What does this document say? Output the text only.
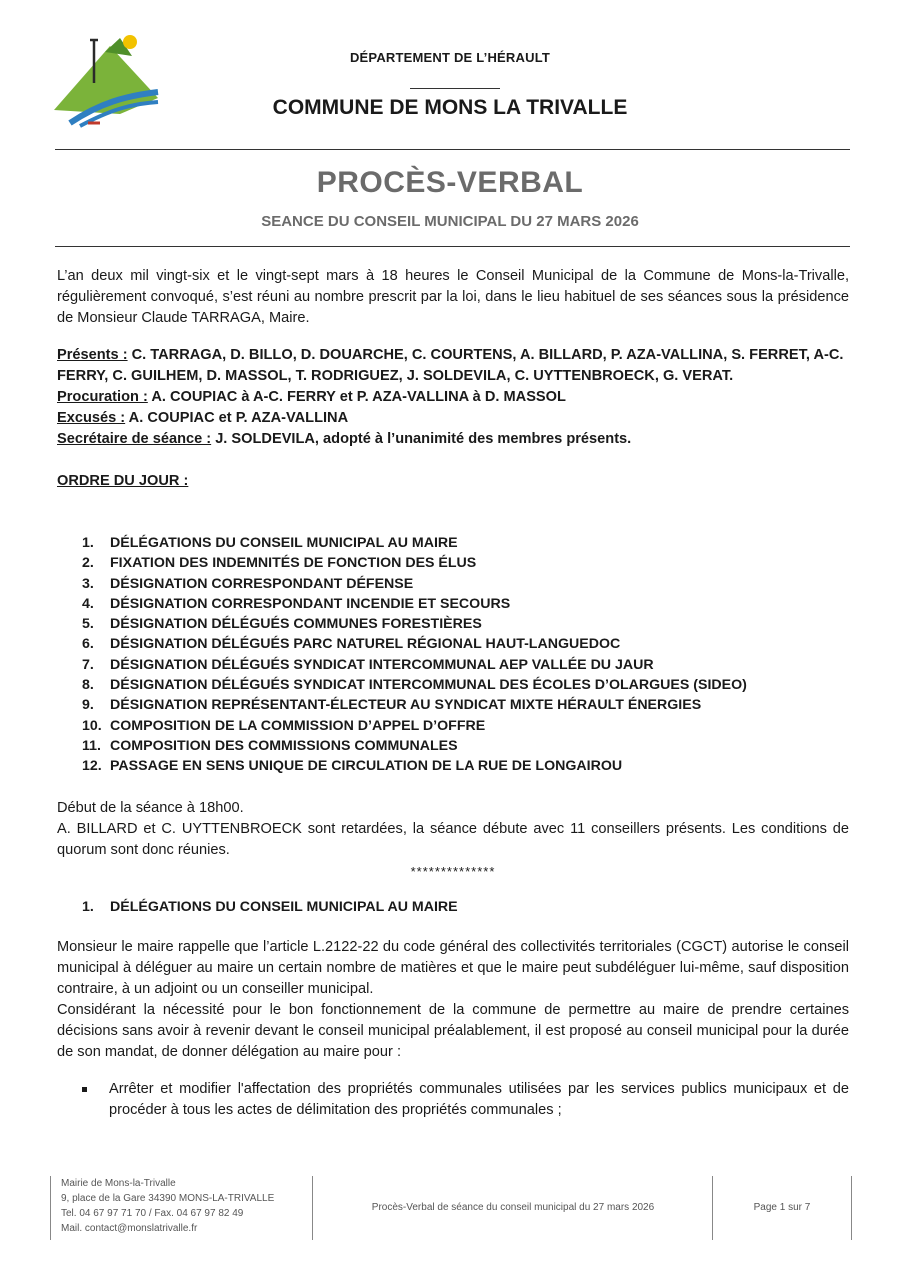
DÉPARTEMENT DE L’HÉRAULT
COMMUNE DE MONS LA TRIVALLE
PROCÈS-VERBAL
SEANCE DU CONSEIL MUNICIPAL DU 27 MARS 2026

L’an deux mil vingt-six et le vingt-sept mars à 18 heures le Conseil Municipal de la Commune de Mons-la-Trivalle, régulièrement convoqué, s’est réuni au nombre prescrit par la loi, dans le lieu habituel de ses séances sous la présidence de Monsieur Claude TARRAGA, Maire.

Présents : C. TARRAGA, D. BILLO, D. DOUARCHE, C. COURTENS, A. BILLARD, P. AZA-VALLINA, S. FERRET, A-C. FERRY, C. GUILHEM, D. MASSOL, T. RODRIGUEZ, J. SOLDEVILA, C. UYTTENBROECK, G. VERAT.

Procuration : A. COUPIAC à A-C. FERRY et P. AZA-VALLINA à D. MASSOL

Excusés : A. COUPIAC et P. AZA-VALLINA

Secrétaire de séance : J. SOLDEVILA, adopté à l’unanimité des membres présents.

ORDRE DU JOUR :

1. DÉLÉGATIONS DU CONSEIL MUNICIPAL AU MAIRE
2. FIXATION DES INDEMNITÉS DE FONCTION DES ÉLUS
3. DÉSIGNATION CORRESPONDANT DÉFENSE
4. DÉSIGNATION CORRESPONDANT INCENDIE ET SECOURS
5. DÉSIGNATION DÉLÉGUÉS COMMUNES FORESTIÈRES
6. DÉSIGNATION DÉLÉGUÉS PARC NATUREL RÉGIONAL HAUT-LANGUEDOC
7. DÉSIGNATION DÉLÉGUÉS SYNDICAT INTERCOMMUNAL AEP VALLÉE DU JAUR
8. DÉSIGNATION DÉLÉGUÉS SYNDICAT INTERCOMMUNAL DES ÉCOLES D’OLARGUES (SIDEO)
9. DÉSIGNATION REPRÉSENTANT-ÉLECTEUR AU SYNDICAT MIXTE HÉRAULT ÉNERGIES
10. COMPOSITION DE LA COMMISSION D’APPEL D’OFFRE
11. COMPOSITION DES COMMISSIONS COMMUNALES
12. PASSAGE EN SENS UNIQUE DE CIRCULATION DE LA RUE DE LONGAIROU

Début de la séance à 18h00.

A. BILLARD et C. UYTTENBROECK sont retardées, la séance débute avec 11 conseillers présents. Les conditions de quorum sont donc réunies.

**************

1. DÉLÉGATIONS DU CONSEIL MUNICIPAL AU MAIRE

Monsieur le maire rappelle que l’article L.2122-22 du code général des collectivités territoriales (CGCT) autorise le conseil municipal à déléguer au maire un certain nombre de matières et que le maire peut subdéléguer lui-même, sauf disposition contraire, à un adjoint ou un conseiller municipal.

Considérant la nécessité pour le bon fonctionnement de la commune de permettre au maire de prendre certaines décisions sans avoir à revenir devant le conseil municipal préalablement, il est proposé au conseil municipal pour la durée de son mandat, de donner délégation au maire pour :

Arrêter et modifier l'affectation des propriétés communales utilisées par les services publics municipaux et de procéder à tous les actes de délimitation des propriétés communales ;

Mairie de Mons-la-Trivalle
9, place de la Gare 34390 MONS-LA-TRIVALLE
Tel. 04 67 97 71 70 / Fax. 04 67 97 82 49
Mail. contact@monslatrivalle.fr
Procès-Verbal de séance du conseil municipal du 27 mars 2026	Page 1 sur 7
